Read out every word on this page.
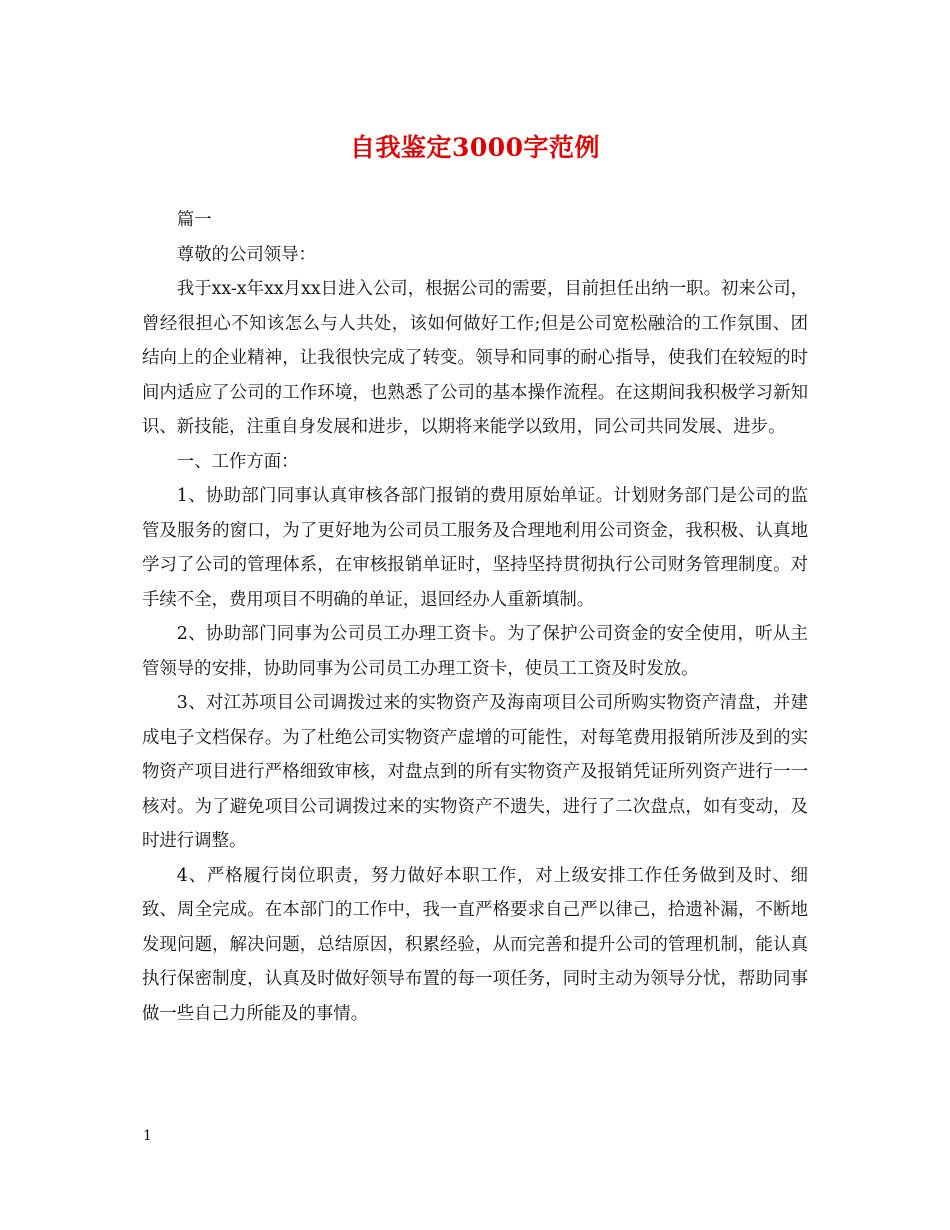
自我鉴定3000字范例

篇一

尊敬的公司领导：

我于xx-x年xx月xx日进入公司，根据公司的需要，目前担任出纳一职。初来公司，曾经很担心不知该怎么与人共处，该如何做好工作;但是公司宽松融洽的工作氛围、团结向上的企业精神，让我很快完成了转变。领导和同事的耐心指导，使我们在较短的时间内适应了公司的工作环境，也熟悉了公司的基本操作流程。在这期间我积极学习新知识、新技能，注重自身发展和进步，以期将来能学以致用，同公司共同发展、进步。

一、工作方面：

1、协助部门同事认真审核各部门报销的费用原始单证。计划财务部门是公司的监管及服务的窗口，为了更好地为公司员工服务及合理地利用公司资金，我积极、认真地学习了公司的管理体系，在审核报销单证时，坚持坚持贯彻执行公司财务管理制度。对手续不全，费用项目不明确的单证，退回经办人重新填制。

2、协助部门同事为公司员工办理工资卡。为了保护公司资金的安全使用，听从主管领导的安排，协助同事为公司员工办理工资卡，使员工工资及时发放。

3、对江苏项目公司调拨过来的实物资产及海南项目公司所购实物资产清盘，并建成电子文档保存。为了杜绝公司实物资产虚增的可能性，对每笔费用报销所涉及到的实物资产项目进行严格细致审核，对盘点到的所有实物资产及报销凭证所列资产进行一一核对。为了避免项目公司调拨过来的实物资产不遗失，进行了二次盘点，如有变动，及时进行调整。

4、严格履行岗位职责，努力做好本职工作，对上级安排工作任务做到及时、细致、周全完成。在本部门的工作中，我一直严格要求自己严以律己，拾遗补漏，不断地发现问题，解决问题，总结原因，积累经验，从而完善和提升公司的管理机制，能认真执行保密制度，认真及时做好领导布置的每一项任务，同时主动为领导分忧，帮助同事做一些自己力所能及的事情。

1
